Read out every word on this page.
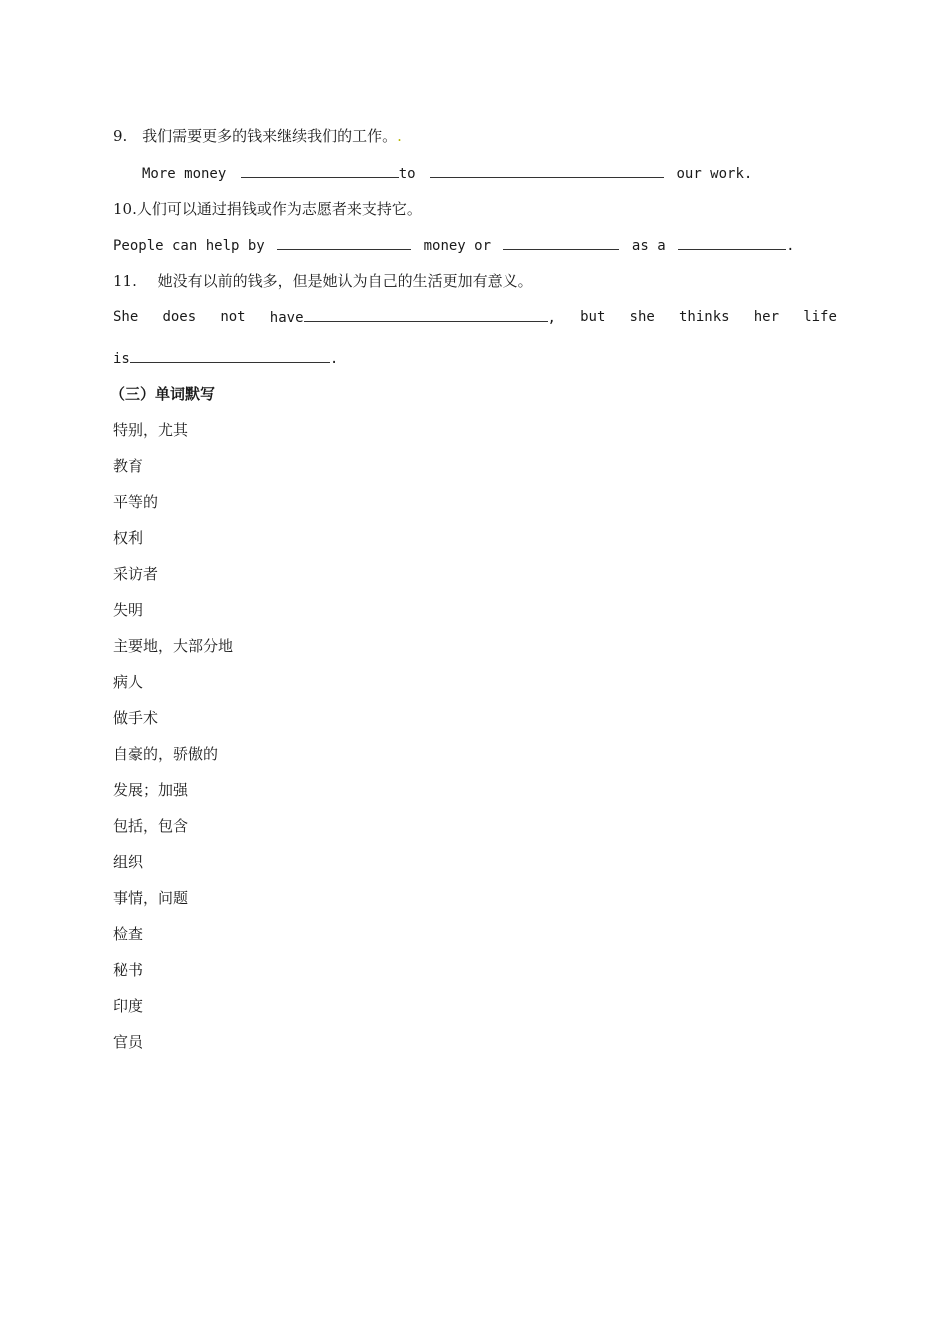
9. 我们需要更多的钱来继续我们的工作。.
More money	to	our work.
10.人们可以通过捐钱或作为志愿者来支持它。
People can help by	money or	as a	.
11. 她没有以前的钱多，但是她认为自己的生活更加有意义。
She does not have	, but she thinks her life
is	.
（三）单词默写
特别，尤其
教育
平等的
权利
采访者
失明
主要地，大部分地
病人
做手术
自豪的，骄傲的
发展；加强
包括，包含
组织
事情，问题
检查
秘书
印度
官员
